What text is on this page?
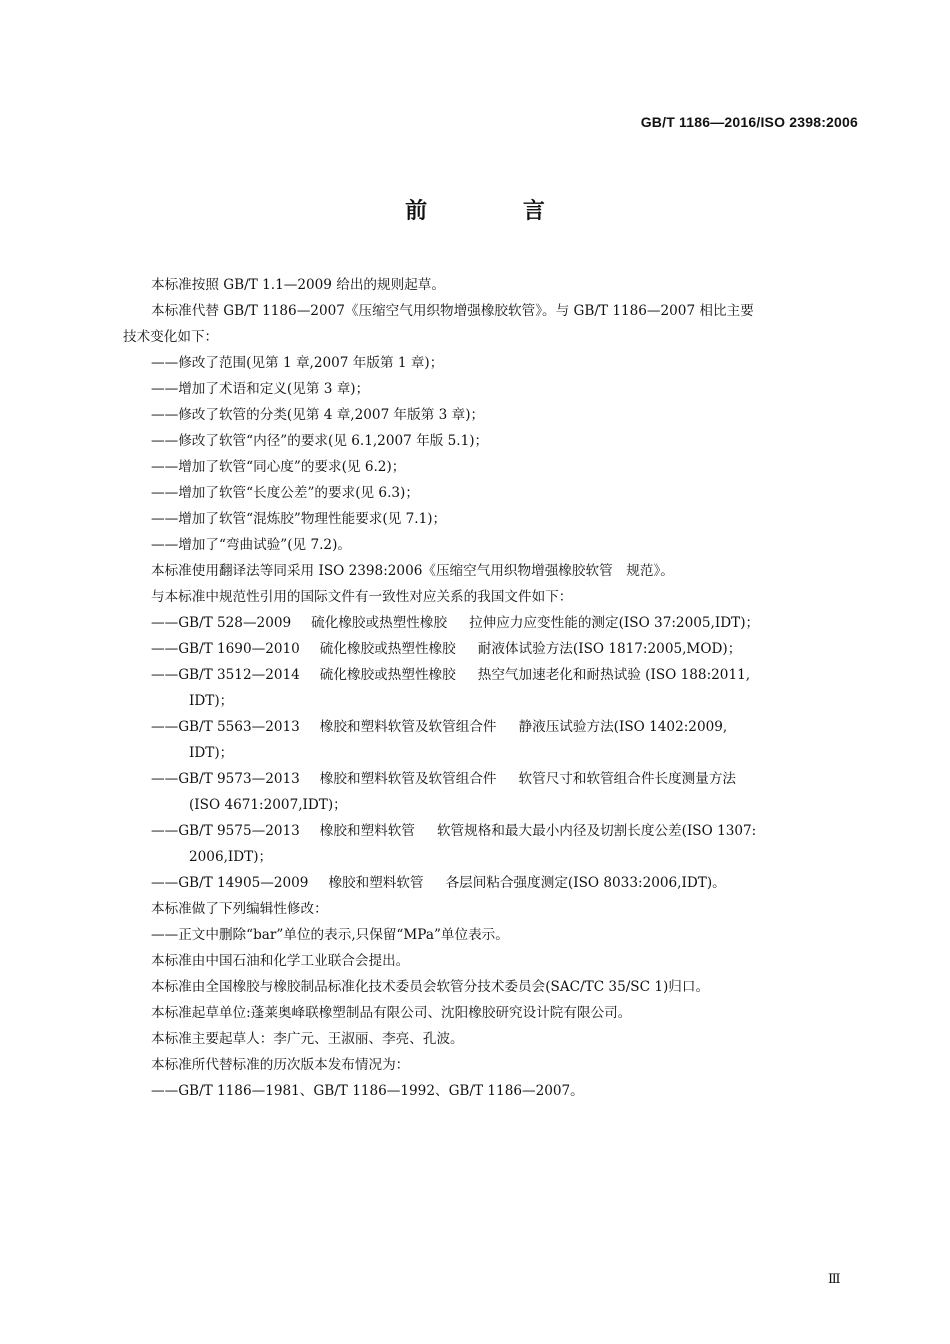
GB/T 1186—2016/ISO 2398:2006
前 言
本标准按照 GB/T 1.1—2009 给出的规则起草。
本标准代替 GB/T 1186—2007《压缩空气用织物增强橡胶软管》。与 GB/T 1186—2007 相比主要
技术变化如下：
——修改了范围(见第 1 章,2007 年版第 1 章)；
——增加了术语和定义(见第 3 章)；
——修改了软管的分类(见第 4 章,2007 年版第 3 章)；
——修改了软管“内径”的要求(见 6.1,2007 年版 5.1)；
——增加了软管“同心度”的要求(见 6.2)；
——增加了软管“长度公差”的要求(见 6.3)；
——增加了软管“混炼胶”物理性能要求(见 7.1)；
——增加了“弯曲试验”(见 7.2)。
本标准使用翻译法等同采用 ISO 2398:2006《压缩空气用织物增强橡胶软管　规范》。
与本标准中规范性引用的国际文件有一致性对应关系的我国文件如下：
——GB/T 528—2009 硫化橡胶或热塑性橡胶 拉伸应力应变性能的测定(ISO 37:2005,IDT)；
——GB/T 1690—2010 硫化橡胶或热塑性橡胶 耐液体试验方法(ISO 1817:2005,MOD)；
——GB/T 3512—2014 硫化橡胶或热塑性橡胶 热空气加速老化和耐热试验 (ISO 188:2011,
IDT)；
——GB/T 5563—2013 橡胶和塑料软管及软管组合件 静液压试验方法(ISO 1402:2009,
IDT)；
——GB/T 9573—2013 橡胶和塑料软管及软管组合件 软管尺寸和软管组合件长度测量方法
(ISO 4671:2007,IDT)；
——GB/T 9575—2013 橡胶和塑料软管 软管规格和最大最小内径及切割长度公差(ISO 1307:
2006,IDT)；
——GB/T 14905—2009 橡胶和塑料软管 各层间粘合强度测定(ISO 8033:2006,IDT)。
本标准做了下列编辑性修改：
——正文中删除“bar”单位的表示,只保留“MPa”单位表示。
本标准由中国石油和化学工业联合会提出。
本标准由全国橡胶与橡胶制品标准化技术委员会软管分技术委员会(SAC/TC 35/SC 1)归口。
本标准起草单位:蓬莱奥峰联橡塑制品有限公司、沈阳橡胶研究设计院有限公司。
本标准主要起草人：李广元、王淑丽、李亮、孔波。
本标准所代替标准的历次版本发布情况为：
——GB/T 1186—1981、GB/T 1186—1992、GB/T 1186—2007。
Ⅲ
